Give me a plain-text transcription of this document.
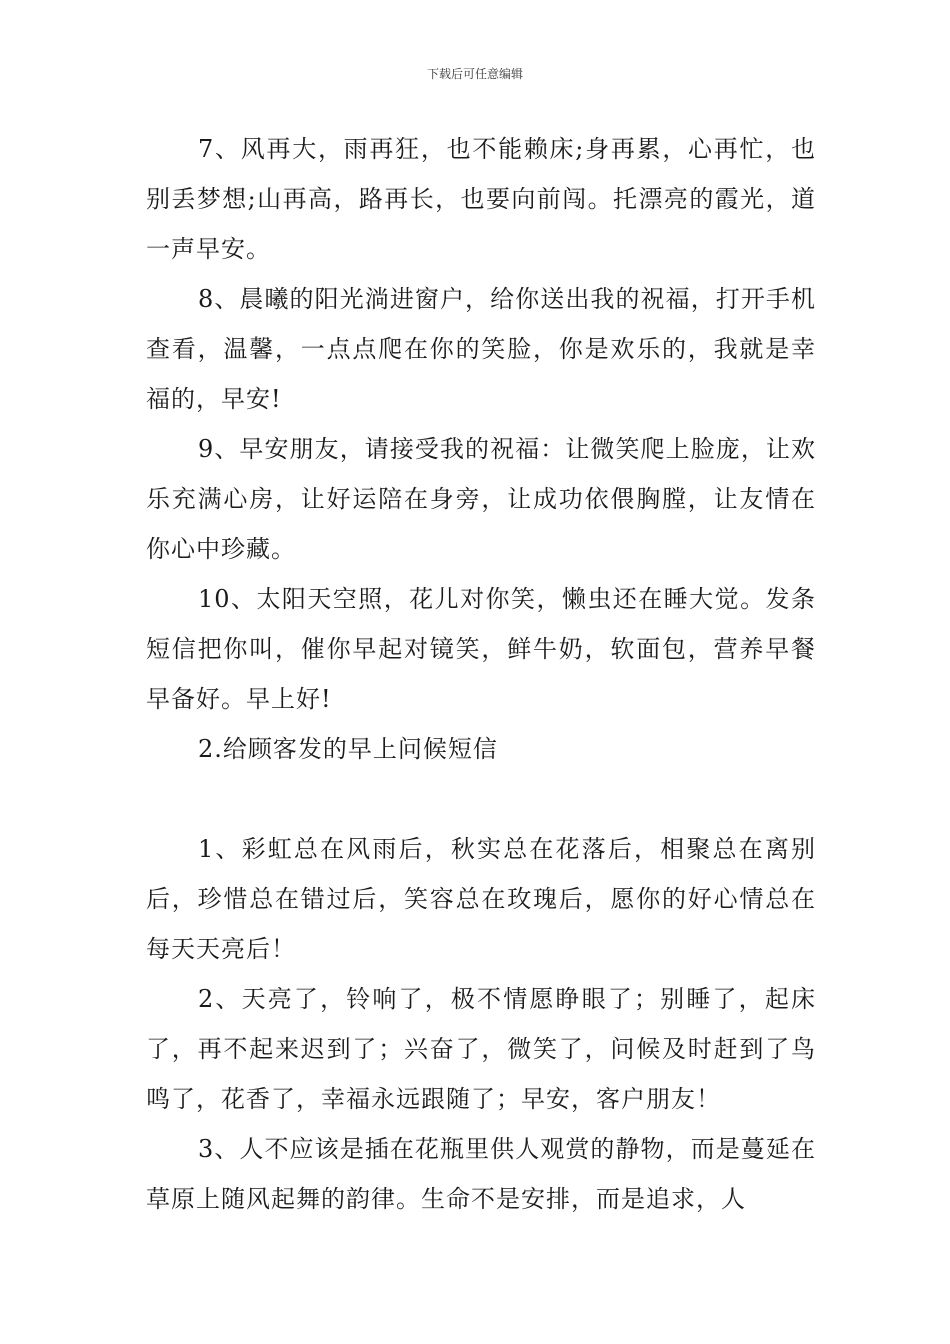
下载后可任意编辑

7、风再大，雨再狂，也不能赖床;身再累，心再忙，也别丢梦想;山再高，路再长，也要向前闯。托漂亮的霞光，道一声早安。

8、晨曦的阳光淌进窗户，给你送出我的祝福，打开手机查看，温馨，一点点爬在你的笑脸，你是欢乐的，我就是幸福的，早安!

9、早安朋友，请接受我的祝福：让微笑爬上脸庞，让欢乐充满心房，让好运陪在身旁，让成功依偎胸膛，让友情在你心中珍藏。

10、太阳天空照，花儿对你笑，懒虫还在睡大觉。发条短信把你叫，催你早起对镜笑，鲜牛奶，软面包，营养早餐早备好。早上好!

2.给顾客发的早上问候短信

1、彩虹总在风雨后，秋实总在花落后，相聚总在离别后，珍惜总在错过后，笑容总在玫瑰后，愿你的好心情总在每天天亮后！

2、天亮了，铃响了，极不情愿睁眼了；别睡了，起床了，再不起来迟到了；兴奋了，微笑了，问候及时赶到了鸟鸣了，花香了，幸福永远跟随了；早安，客户朋友！

3、人不应该是插在花瓶里供人观赏的静物，而是蔓延在草原上随风起舞的韵律。生命不是安排，而是追求，人
